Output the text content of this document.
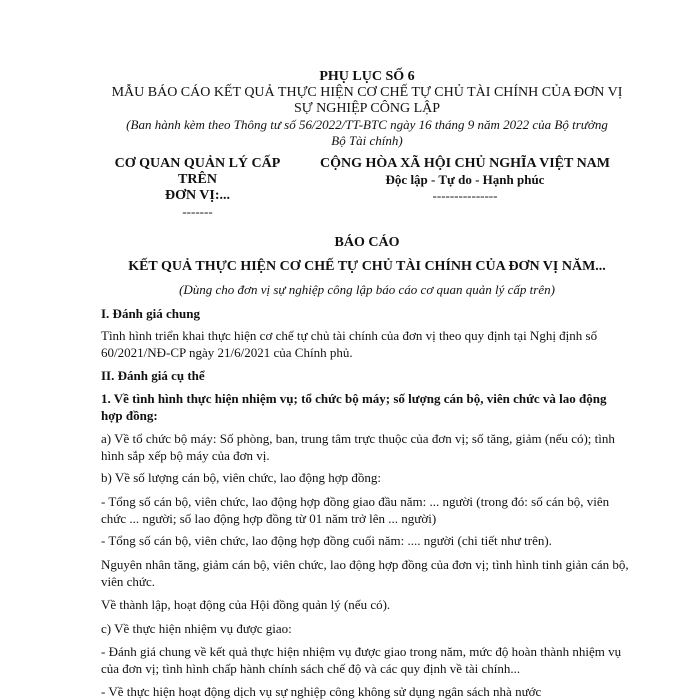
PHỤ LỤC SỐ 6
MẪU BÁO CÁO KẾT QUẢ THỰC HIỆN CƠ CHẾ TỰ CHỦ TÀI CHÍNH CỦA ĐƠN VỊ
SỰ NGHIỆP CÔNG LẬP
(Ban hành kèm theo Thông tư số 56/2022/TT-BTC ngày 16 tháng 9 năm 2022 của Bộ trưởng
Bộ Tài chính)
CƠ QUAN QUẢN LÝ CẤP
TRÊN
ĐƠN VỊ:...
-------
CỘNG HÒA XÃ HỘI CHỦ NGHĨA VIỆT NAM
Độc lập - Tự do - Hạnh phúc
---------------
BÁO CÁO
KẾT QUẢ THỰC HIỆN CƠ CHẾ TỰ CHỦ TÀI CHÍNH CỦA ĐƠN VỊ NĂM...
(Dùng cho đơn vị sự nghiệp công lập báo cáo cơ quan quản lý cấp trên)
I. Đánh giá chung
Tình hình triển khai thực hiện cơ chế tự chủ tài chính của đơn vị theo quy định tại Nghị định số 60/2021/NĐ-CP ngày 21/6/2021 của Chính phủ.
II. Đánh giá cụ thể
1. Về tình hình thực hiện nhiệm vụ; tổ chức bộ máy; số lượng cán bộ, viên chức và lao động hợp đồng:
a) Về tổ chức bộ máy: Số phòng, ban, trung tâm trực thuộc của đơn vị; số tăng, giảm (nếu có); tình hình sắp xếp bộ máy của đơn vị.
b) Về số lượng cán bộ, viên chức, lao động hợp đồng:
- Tổng số cán bộ, viên chức, lao động hợp đồng giao đầu năm: ... người (trong đó: số cán bộ, viên chức ... người; số lao động hợp đồng từ 01 năm trở lên ... người)
- Tổng số cán bộ, viên chức, lao động hợp đồng cuối năm: .... người (chi tiết như trên).
Nguyên nhân tăng, giảm cán bộ, viên chức, lao động hợp đồng của đơn vị; tình hình tinh giản cán bộ, viên chức.
Về thành lập, hoạt động của Hội đồng quản lý (nếu có).
c) Về thực hiện nhiệm vụ được giao:
- Đánh giá chung về kết quả thực hiện nhiệm vụ được giao trong năm, mức độ hoàn thành nhiệm vụ của đơn vị; tình hình chấp hành chính sách chế độ và các quy định về tài chính...
- Về thực hiện hoạt động dịch vụ sự nghiệp công không sử dụng ngân sách nhà nước
